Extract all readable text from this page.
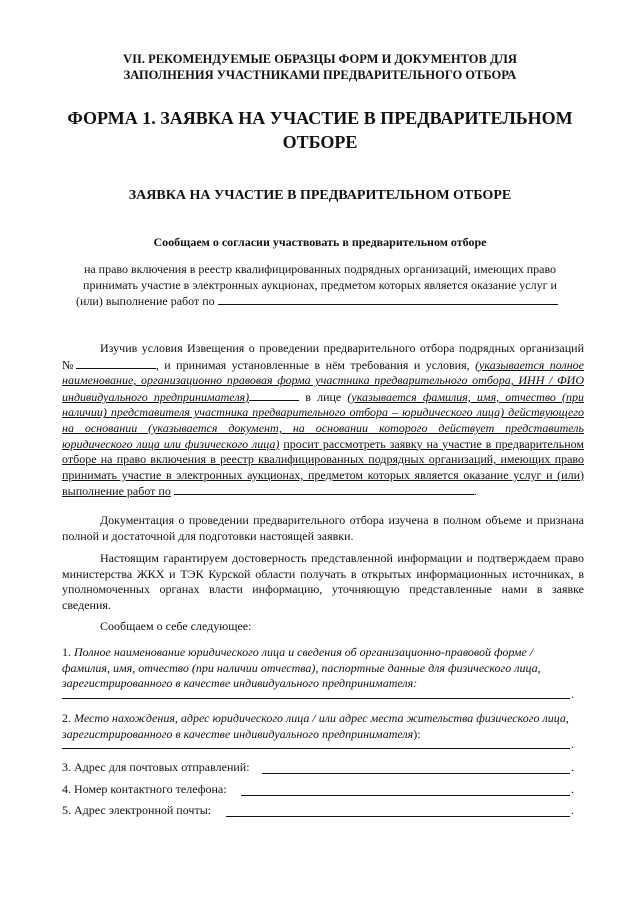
VII. РЕКОМЕНДУЕМЫЕ ОБРАЗЦЫ ФОРМ И ДОКУМЕНТОВ ДЛЯ
ЗАПОЛНЕНИЯ УЧАСТНИКАМИ ПРЕДВАРИТЕЛЬНОГО ОТБОРА
ФОРМА 1. ЗАЯВКА НА УЧАСТИЕ В ПРЕДВАРИТЕЛЬНОМ
ОТБОРЕ
ЗАЯВКА НА УЧАСТИЕ В ПРЕДВАРИТЕЛЬНОМ ОТБОРЕ
Сообщаем о согласии участвовать в предварительном отборе
на право включения в реестр квалифицированных подрядных организаций, имеющих право
принимать участие в электронных аукционах, предметом которых является оказание услуг и
(или) выполнение работ по
Изучив условия Извещения о проведении предварительного отбора подрядных организаций №	, и принимая установленные в нём требования и условия, (указывается полное наименование, организационно правовая форма участника предварительного отбора, ИНН / ФИО индивидуального предпринимателя)	в лице (указывается фамилия, имя, отчество (при наличии) представителя участника предварительного отбора – юридического лица) действующего на основании (указывается документ, на основании которого действует представитель юридического лица или физического лица) просит рассмотреть заявку на участие в предварительном отборе на право включения в реестр квалифицированных подрядных организаций, имеющих право принимать участие в электронных аукционах, предметом которых является оказание услуг и (или) выполнение работ по	.
Документация о проведении предварительного отбора изучена в полном объеме и признана полной и достаточной для подготовки настоящей заявки.
Настоящим гарантируем достоверность представленной информации и подтверждаем право министерства ЖКХ и ТЭК Курской области получать в открытых информационных источниках, в уполномоченных органах власти информацию, уточняющую представленные нами в заявке сведения.
Сообщаем о себе следующее:
1. Полное наименование юридического лица и сведения об организационно-правовой форме / фамилия, имя, отчество (при наличии отчества), паспортные данные для физического лица, зарегистрированного в качестве индивидуального предпринимателя:
.
2. Место нахождения, адрес юридического лица / или адрес места жительства физического лица, зарегистрированного в качестве индивидуального предпринимателя):
.
3. Адрес для почтовых отправлений:	.
4. Номер контактного телефона:	.
5. Адрес электронной почты:	.
